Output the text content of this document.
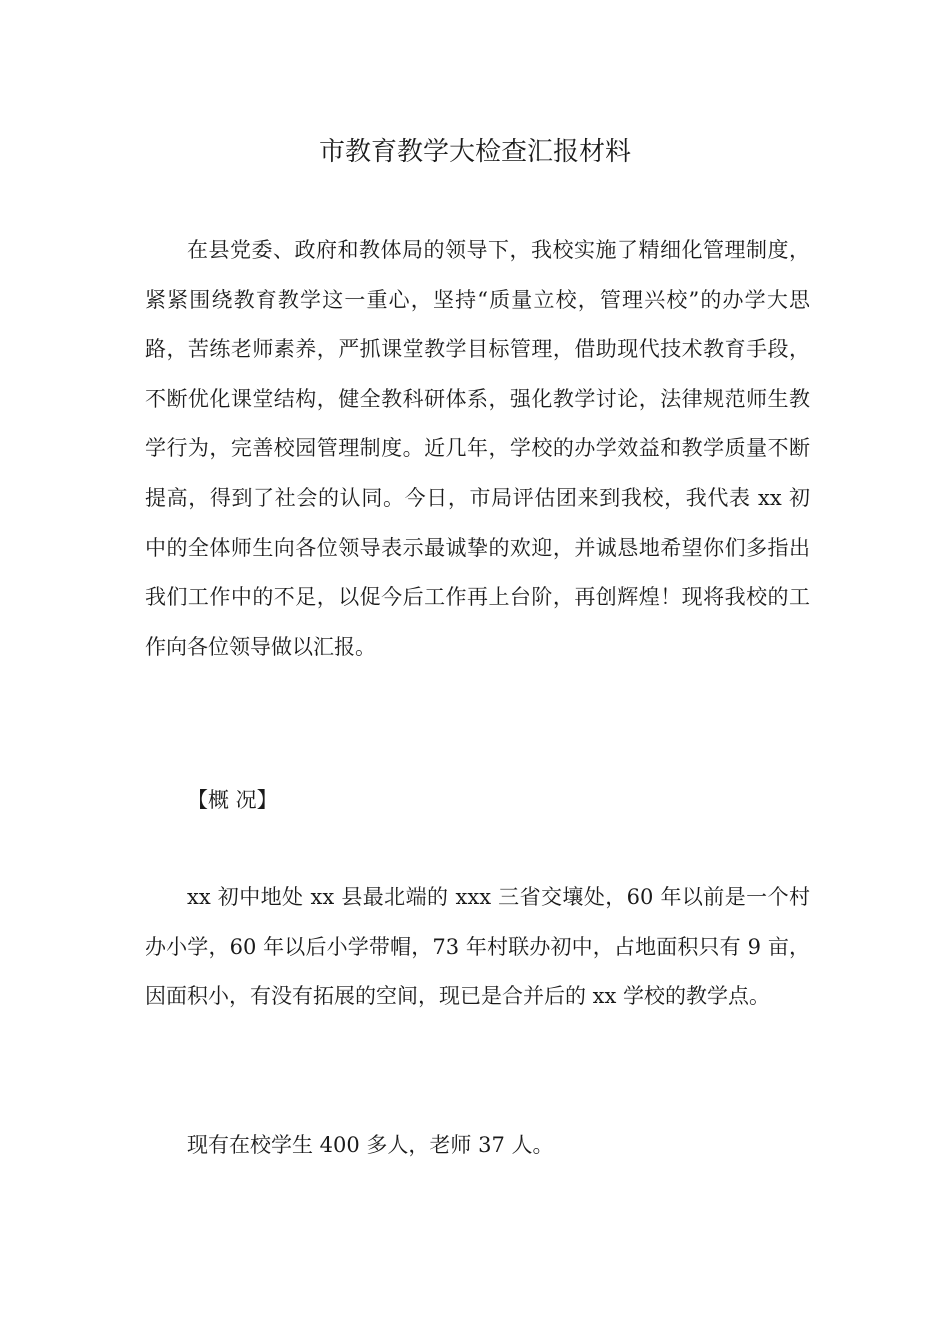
市教育教学大检查汇报材料

在县党委、政府和教体局的领导下，我校实施了精细化管理制度，紧紧围绕教育教学这一重心，坚持“质量立校，管理兴校”的办学大思路，苦练老师素养，严抓课堂教学目标管理，借助现代技术教育手段，不断优化课堂结构，健全教科研体系，强化教学讨论，法律规范师生教学行为，完善校园管理制度。近几年，学校的办学效益和教学质量不断提高，得到了社会的认同。今日，市局评估团来到我校，我代表 xx 初中的全体师生向各位领导表示最诚挚的欢迎，并诚恳地希望你们多指出我们工作中的不足，以促今后工作再上台阶，再创辉煌！现将我校的工作向各位领导做以汇报。

【概 况】

xx 初中地处 xx 县最北端的 xxx 三省交壤处，60 年以前是一个村办小学，60 年以后小学带帽，73 年村联办初中，占地面积只有 9 亩，因面积小，有没有拓展的空间，现已是合并后的 xx 学校的教学点。

现有在校学生 400 多人，老师 37 人。
